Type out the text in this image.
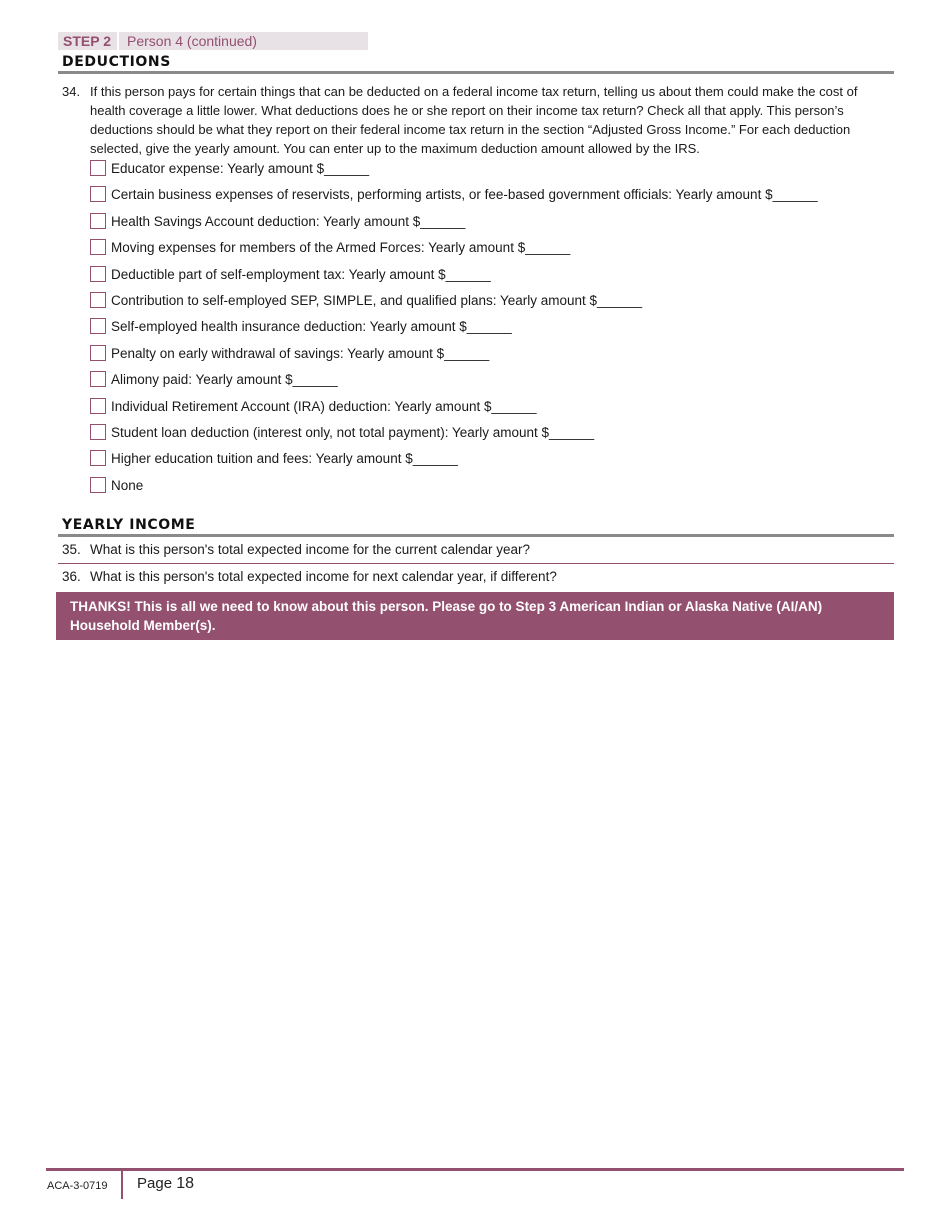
STEP 2 Person 4 (continued)
DEDUCTIONS
34. If this person pays for certain things that can be deducted on a federal income tax return, telling us about them could make the cost of health coverage a little lower. What deductions does he or she report on their income tax return? Check all that apply. This person’s deductions should be what they report on their federal income tax return in the section “Adjusted Gross Income.” For each deduction selected, give the yearly amount. You can enter up to the maximum deduction amount allowed by the IRS.
Educator expense: Yearly amount $______
Certain business expenses of reservists, performing artists, or fee-based government officials: Yearly amount $______
Health Savings Account deduction: Yearly amount $______
Moving expenses for members of the Armed Forces: Yearly amount $______
Deductible part of self-employment tax: Yearly amount $______
Contribution to self-employed SEP, SIMPLE, and qualified plans: Yearly amount $______
Self-employed health insurance deduction: Yearly amount $______
Penalty on early withdrawal of savings: Yearly amount $______
Alimony paid: Yearly amount $______
Individual Retirement Account (IRA) deduction: Yearly amount $______
Student loan deduction (interest only, not total payment): Yearly amount $______
Higher education tuition and fees: Yearly amount $______
None
YEARLY INCOME
35. What is this person's total expected income for the current calendar year?
36. What is this person's total expected income for next calendar year, if different?
THANKS! This is all we need to know about this person. Please go to Step 3 American Indian or Alaska Native (AI/AN) Household Member(s).
ACA-3-0719 Page 18
